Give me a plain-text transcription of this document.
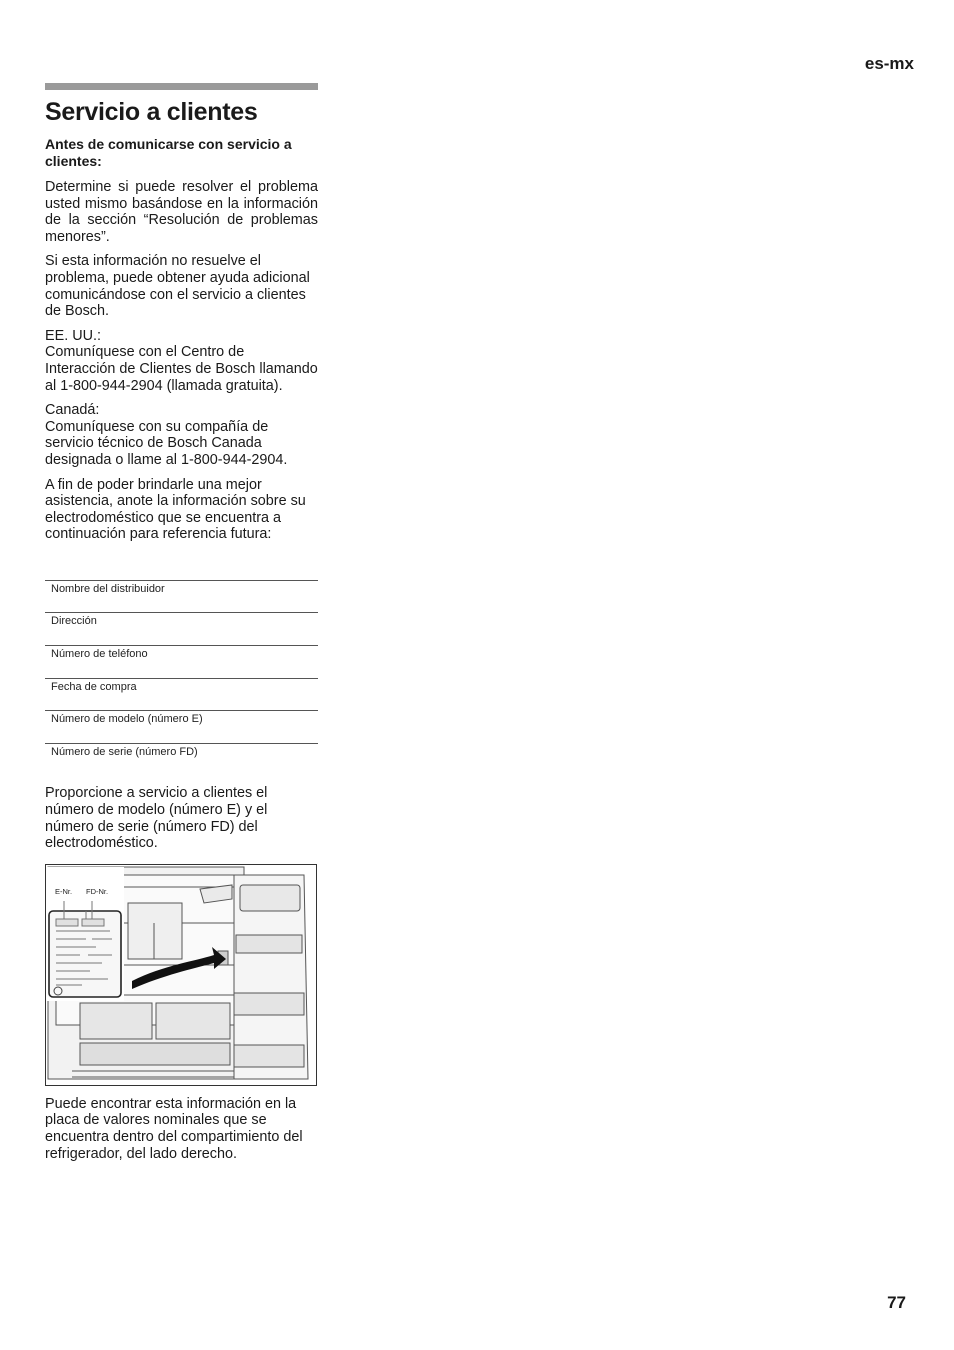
es-mx
Servicio a clientes
Antes de comunicarse con servicio a clientes:

Determine si puede resolver el problema usted mismo basándose en la información de la sección “Resolución de problemas menores”.

Si esta información no resuelve el problema, puede obtener ayuda adicional comunicándose con el servicio a clientes de Bosch.

EE. UU.:
Comuníquese con el Centro de Interacción de Clientes de Bosch llamando al 1-800-944-2904 (llamada gratuita).

Canadá:
Comuníquese con su compañía de servicio técnico de Bosch Canada designada o llame al 1-800-944-2904.

A fin de poder brindarle una mejor asistencia, anote la información sobre su electrodoméstico que se encuentra a continuación para referencia futura:

Nombre del distribuidor
Dirección
Número de teléfono
Fecha de compra
Número de modelo (número E)
Número de serie (número FD)

Proporcione a servicio a clientes el número de modelo (número E) y el número de serie (número FD) del electrodoméstico.

E-Nr. FD-Nr.

Puede encontrar esta información en la placa de valores nominales que se encuentra dentro del compartimiento del refrigerador, del lado derecho.

77
